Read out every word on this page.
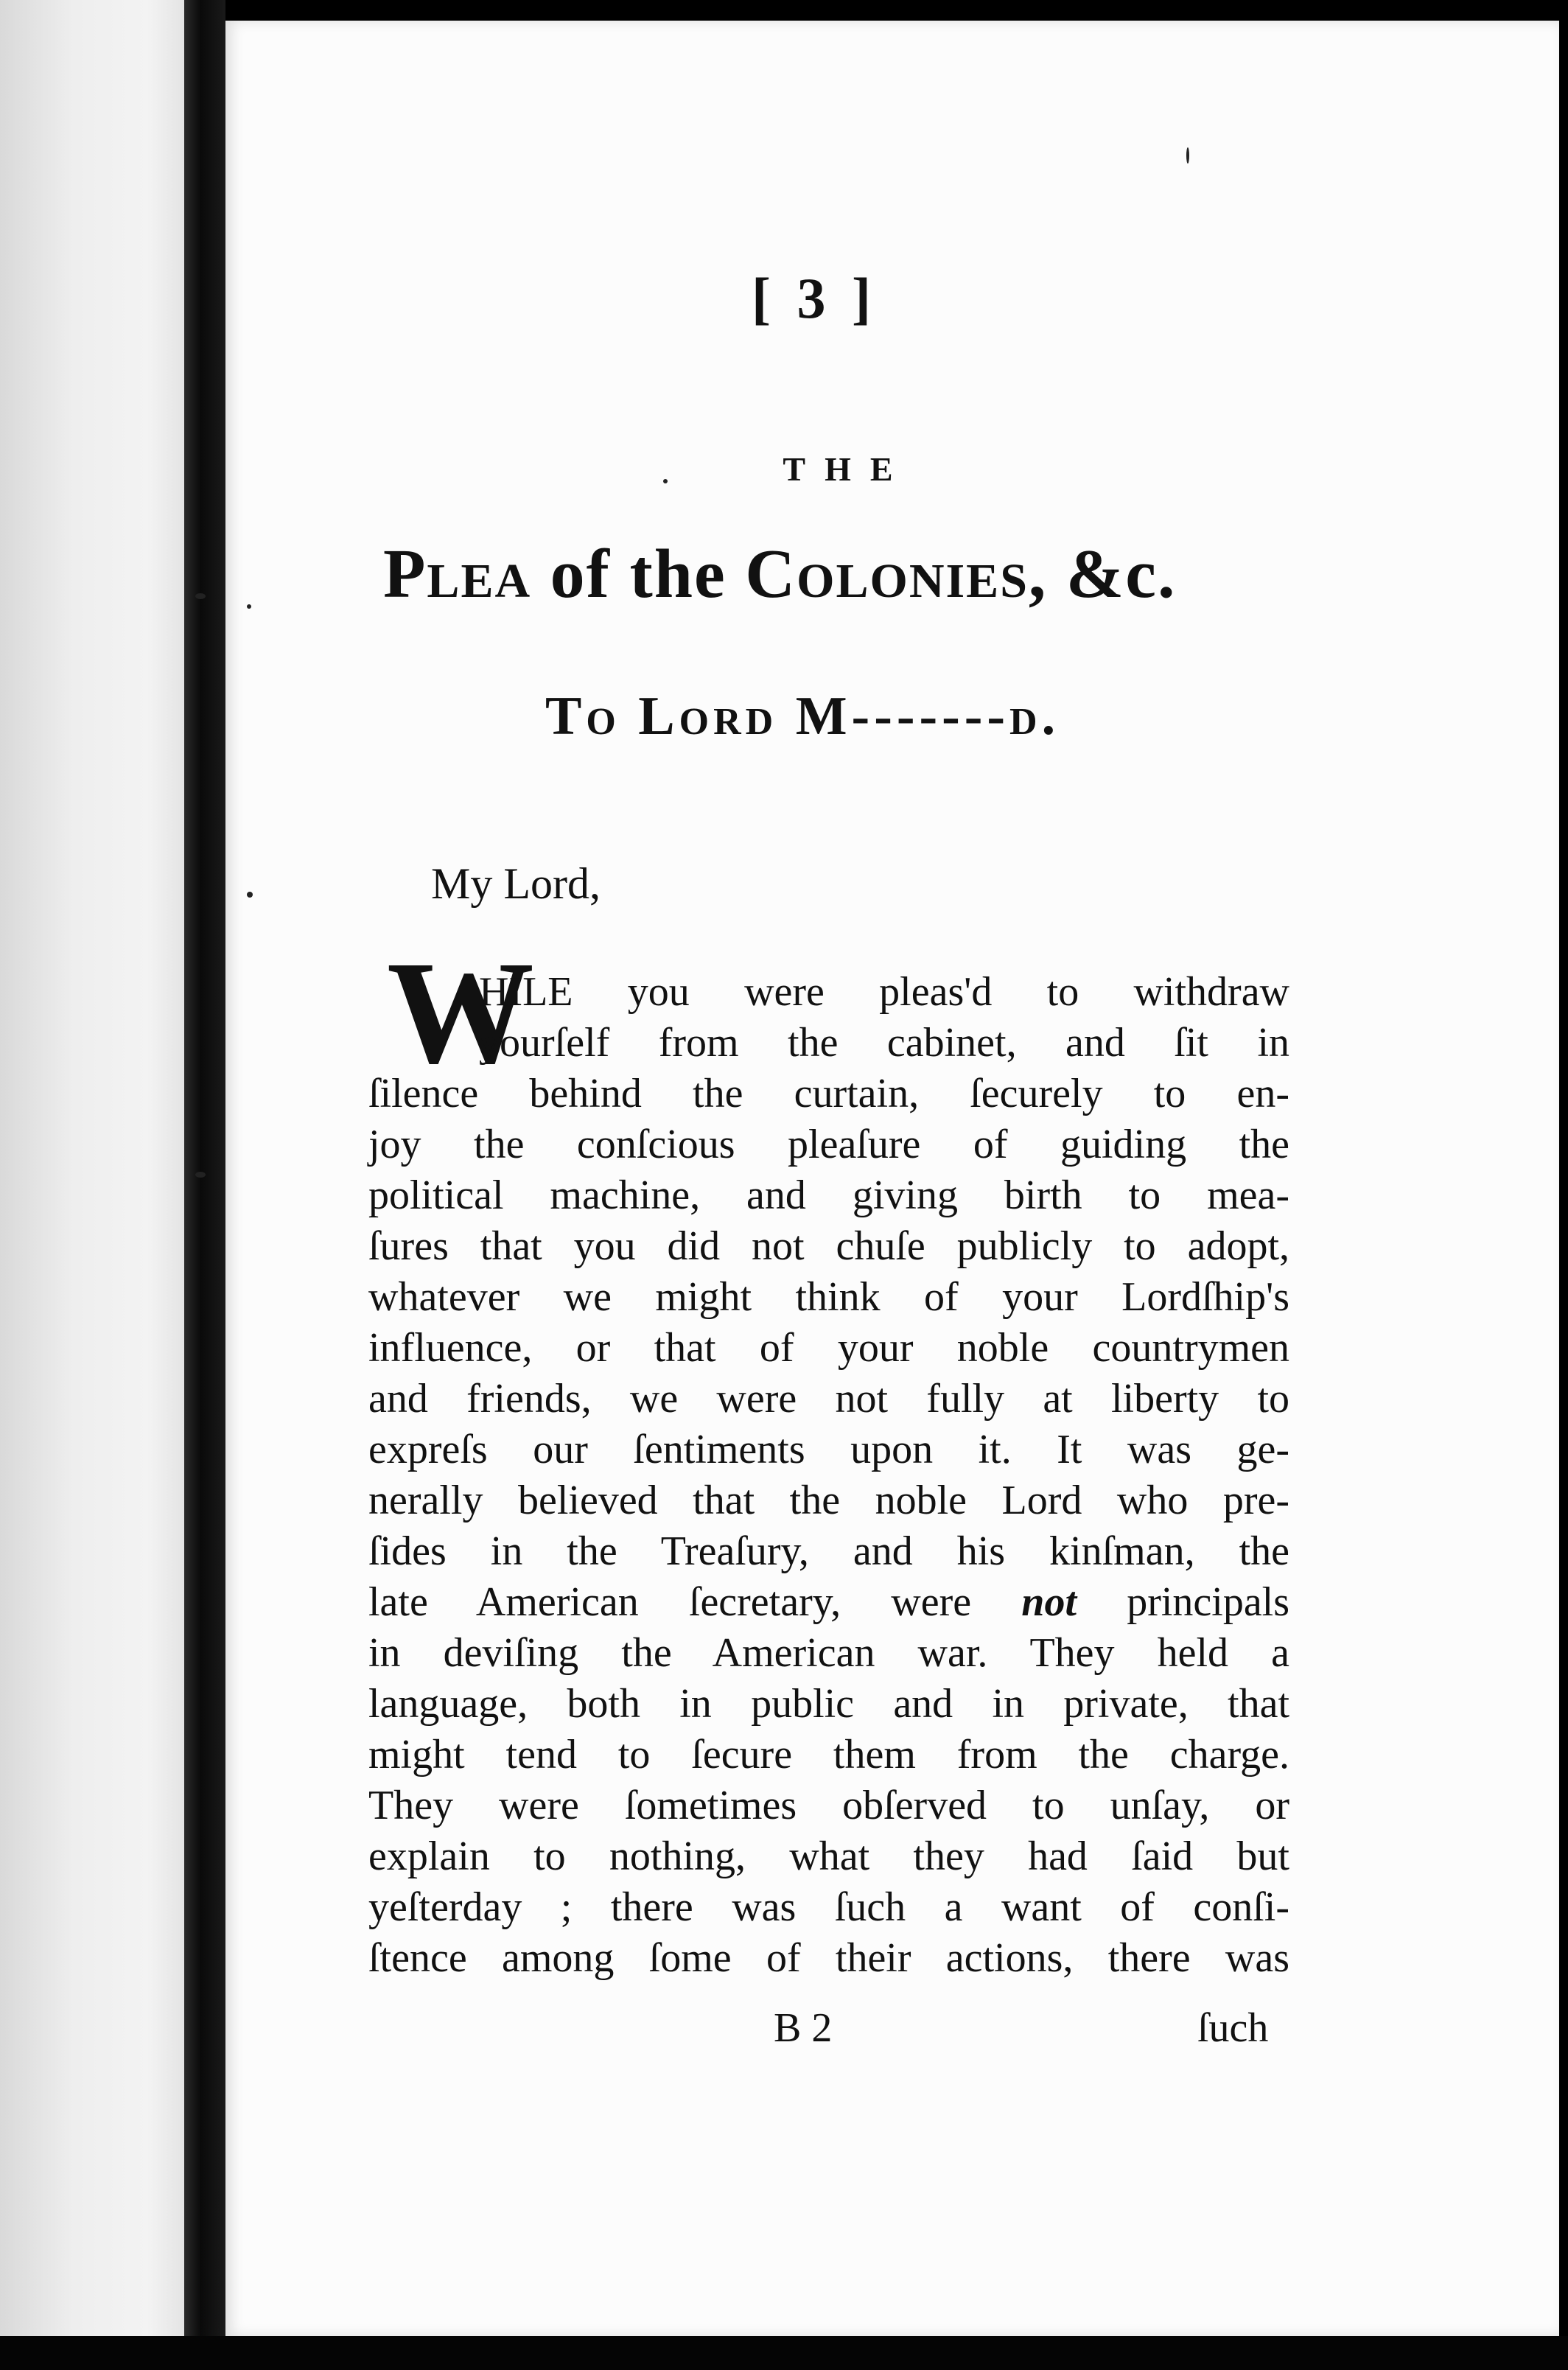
[ 3 ]
THE
Plea of the Colonies, &c.
To Lord M-------d.
My Lord,
W
HILE you were pleas'd to withdraw
yourſelf from the cabinet, and ſit in
ſilence behind the curtain, ſecurely to en-
joy the conſcious pleaſure of guiding the
political machine, and giving birth to mea-
ſures that you did not chuſe publicly to adopt,
whatever we might think of your Lordſhip's
influence, or that of your noble countrymen
and friends, we were not fully at liberty to
expreſs our ſentiments upon it. It was ge-
nerally believed that the noble Lord who pre-
ſides in the Treaſury, and his kinſman, the
late American ſecretary, were not principals
in deviſing the American war. They held a
language, both in public and in private, that
might tend to ſecure them from the charge.
They were ſometimes obſerved to unſay, or
explain to nothing, what they had ſaid but
yeſterday ; there was ſuch a want of conſi-
ſtence among ſome of their actions, there was
B 2	ſuch
